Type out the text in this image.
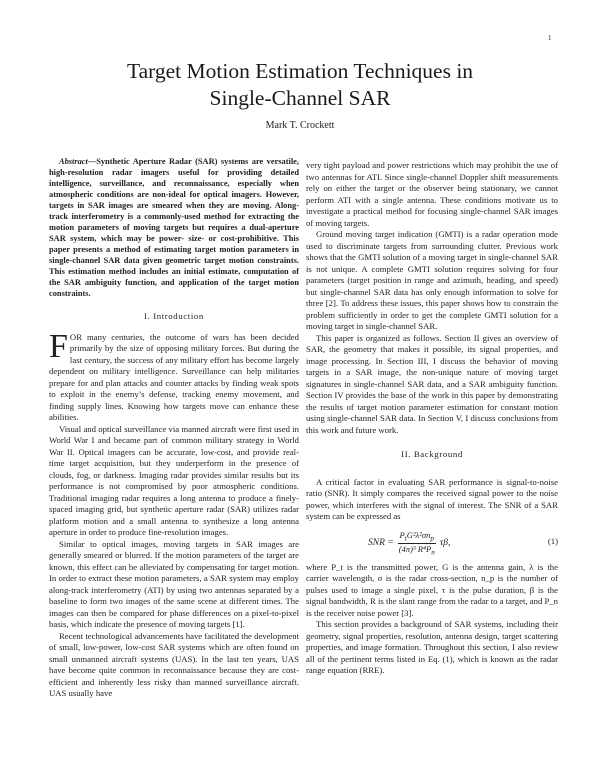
1
Target Motion Estimation Techniques in
Single-Channel SAR
Mark T. Crockett

Abstract—Synthetic Aperture Radar (SAR) systems are versatile, high-resolution radar imagers useful for providing detailed intelligence, surveillance, and reconnaissance, especially when atmospheric conditions are non-ideal for optical imagers. However, targets in SAR images are smeared when they are moving. Along-track interferometry is a commonly-used method for extracting the motion parameters of moving targets but requires a dual-aperture SAR system, which may be power- size- or cost-prohibitive. This paper presents a method of estimating target motion parameters in single-channel SAR data given geometric target motion constraints. This estimation method includes an initial estimate, computation of the SAR ambiguity function, and application of the target motion constraints.

I. Introduction

FOR many centuries, the outcome of wars has been decided primarily by the size of opposing military forces. But during the last century, the success of any military effort has become largely dependent on military intelligence. Surveillance can help militaries prepare for and plan attacks and counter attacks by finding weak spots to exploit in the enemy’s defense, tracking enemy movement, and finding supply lines. Knowing how targets move can enhance these abilities.

Visual and optical surveillance via manned aircraft were first used in World War I and became part of common military strategy in World War II. Optical imagers can be accurate, low-cost, and provide real-time target acquisition, but they underperform in the presence of clouds, fog, or darkness. Imaging radar provides similar results but its performance is not compromised by poor atmospheric conditions. Traditional imaging radar requires a long antenna to produce a finely-spaced imaging grid, but synthetic aperture radar (SAR) utilizes radar platform motion and a small antenna to synthesize a long antenna aperture in order to produce fine-resolution images.

Similar to optical images, moving targets in SAR images are generally smeared or blurred. If the motion parameters of the target are known, this effect can be alleviated by compensating for target motion. In order to extract these motion parameters, a SAR system may employ along-track interferometry (ATI) by using two antennas separated by a baseline to form two images of the same scene at different times. The images can then be compared for phase differences on a pixel-to-pixel basis, which indicate the presence of moving targets [1].

Recent technological advancements have facilitated the development of small, low-power, low-cost SAR systems which are often found on small unmanned aircraft systems (UAS). In the last ten years, UAS have become quite common in reconnaissance because they are cost-efficient and inherently less risky than manned surveillance aircraft. UAS usually have

very tight payload and power restrictions which may prohibit the use of two antennas for ATI. Since single-channel Doppler shift measurements rely on either the target or the observer being stationary, we cannot perform ATI with a single antenna. These conditions motivate us to investigate a practical method for focusing single-channel SAR images of moving targets.

Ground moving target indication (GMTI) is a radar operation mode used to discriminate targets from surrounding clutter. Previous work shows that the GMTI solution of a moving target in single-channel SAR is not unique. A complete GMTI solution requires solving for four parameters (target position in range and azimuth, heading, and speed) but single-channel SAR data has only enough information to solve for three [2]. To address these issues, this paper shows how to constrain the problem sufficiently in order to get the complete GMTI solution for a moving target in single-channel SAR.

This paper is organized as follows. Section II gives an overview of SAR, the geometry that makes it possible, its signal properties, and image processing. In Section III, I discuss the behavior of moving targets in a SAR image, the non-unique nature of moving target signatures in single-channel SAR data, and a SAR ambiguity function. Section IV provides the base of the work in this paper by demonstrating the results of target motion parameter estimation for constant motion using single-channel SAR data. In Section V, I discuss conclusions from this work and future work.

II. Background

A critical factor in evaluating SAR performance is signal-to-noise ratio (SNR). It simply compares the received signal power to the noise power, which interferes with the signal of interest. The SNR of a SAR system can be expressed as

SNR = $\frac{P_tG^2\lambda^2\sigma n_p}{(4\pi)^3 R^4P_n} \tau\beta$,	(1)

where P_t is the transmitted power, G is the antenna gain, λ is the carrier wavelength, σ is the radar cross-section, n_p is the number of pulses used to image a single pixel, τ is the pulse duration, β is the signal bandwidth, R is the slant range from the radar to a target, and P_n is the receiver noise power [3].

This section provides a background of SAR systems, including their geometry, signal properties, resolution, antenna design, target scattering properties, and image formation. Throughout this section, I also review all of the pertinent terms listed in Eq. (1), which is known as the radar range equation (RRE).
